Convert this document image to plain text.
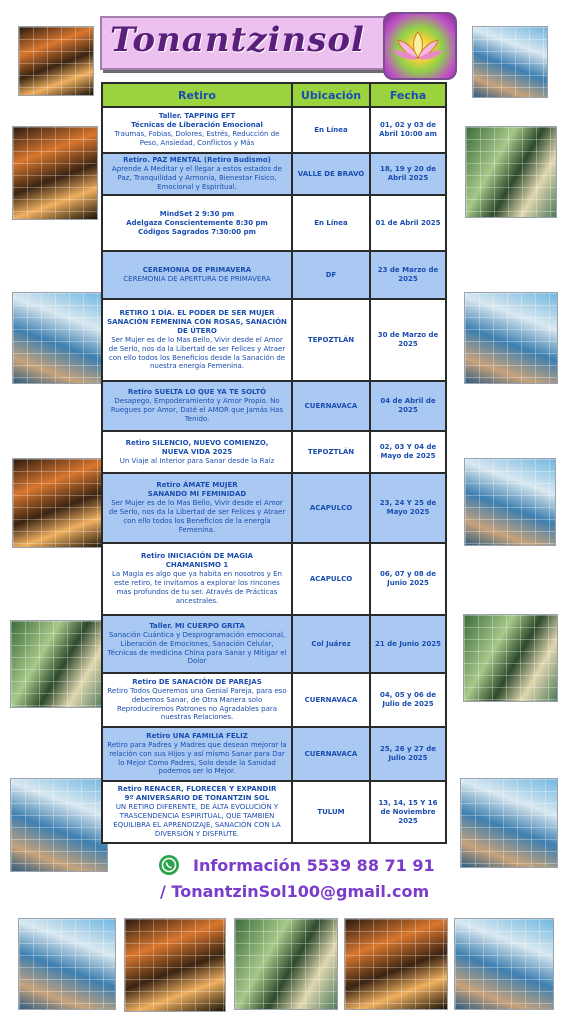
Tonantzinsol
Retiro	Ubicación	Fecha

Taller. TAPPING EFT
Técnicas de Liberación Emocional
Traumas, Fobias, Dolores, Estrés, Reducción de Peso, Ansiedad, Conflictos y Más	En Línea	01, 02 y 03 de Abril 10:00 am

Retiro. PAZ MENTAL (Retiro Budismo)
Aprende A Meditar y el llegar a estos estados de Paz, Tranquilidad y Armonía, Bienestar Físico, Emocional y Espiritual.	VALLE DE BRAVO	18, 19 y 20 de Abril 2025

MindSet 2 9:30 pm
Adelgaza Conscientemente 8:30 pm
Códigos Sagrados 7:30:00 pm	En Línea	01 de Abril 2025

CEREMONIA DE PRIMAVERA
CEREMONIA DE APERTURA DE PRIMAVERA	DF	23 de Marzo de 2025

RETIRO 1 DÍA. EL PODER DE SER MUJER
SANACIÓN FEMENINA CON ROSAS, SANACIÓN DE ÚTERO
Ser Mujer es de lo Mas Bello, Vivir desde el Amor de Serlo, nos da la Libertad de ser Felices y Atraer con ello todos los Beneficios desde la Sanación de nuestra energía Femenina.	TEPOZTLÁN	30 de Marzo de 2025

Retiro SUELTA LO QUE YA TE SOLTÓ
Desapego, Empoderamiento y Amor Propio. No Ruegues por Amor, Daté el AMOR que Jamás Has Tenido.	CUERNAVACA	04 de Abril de 2025

Retiro SILENCIO, NUEVO COMIENZO,
NUEVA VIDA 2025
Un Viaje al Interior para Sanar desde la Raíz	TEPOZTLÁN	02, 03 Y 04 de Mayo de 2025

Retiro ÁMATE MUJER
SANANDO MI FEMINIDAD
Ser Mujer es de lo Mas Bello, Vivir desde el Amor de Serlo, nos da la Libertad de ser Felices y Atraer con ello todos los Beneficios de la energía Femenina.	ACAPULCO	23, 24 Y 25 de Mayo 2025

Retiro INICIACIÓN DE MAGIA
CHAMANISMO 1
La Magia es algo que ya habita en nosotros y En este retiro, te invitamos a explorar los rincones mas profundos de tu ser. Através de Prácticas ancestrales.	ACAPULCO	06, 07 y 08 de Junio 2025

Taller. MI CUERPO GRITA
Sanación Cuántica y Desprogramación emocional, Liberación de Emociones, Sanación Celular, Técnicas de medicina China para Sanar y Mitigar el Dolor	Col Juárez	21 de Junio 2025

Retiro DE SANACIÓN DE PAREJAS
Retiro Todos Queremos una Genial Pareja, para eso debemos Sanar, de Otra Manera solo Reproduciremos Patrones no Agradables para nuestras Relaciones.	CUERNAVACA	04, 05 y 06 de Julio de 2025

Retiro UNA FAMILIA FELIZ
Retiro para Padres y Madres que desean mejorar la relación con sus Hijos y así mismo Sanar para Dar lo Mejor Como Padres, Solo desde la Sanidad podemos ser lo Mejor.	CUERNAVACA	25, 26 y 27 de Julio 2025

Retiro RENACER, FLORECER Y EXPANDIR
9º ANIVERSARIO DE TONANTZIN SOL
UN RETIRO DIFERENTE, DE ALTA EVOLUCIÓN Y TRASCENDENCIA ESPIRITUAL, QUE TAMBIÉN EQUILIBRA EL APRENDIZAJE, SANACIÓN CON LA DIVERSIÓN Y DISFRUTE.	TULUM	13, 14, 15 Y 16 de Noviembre 2025
Información 5539 88 71 91
/ TonantzinSol100@gmail.com
